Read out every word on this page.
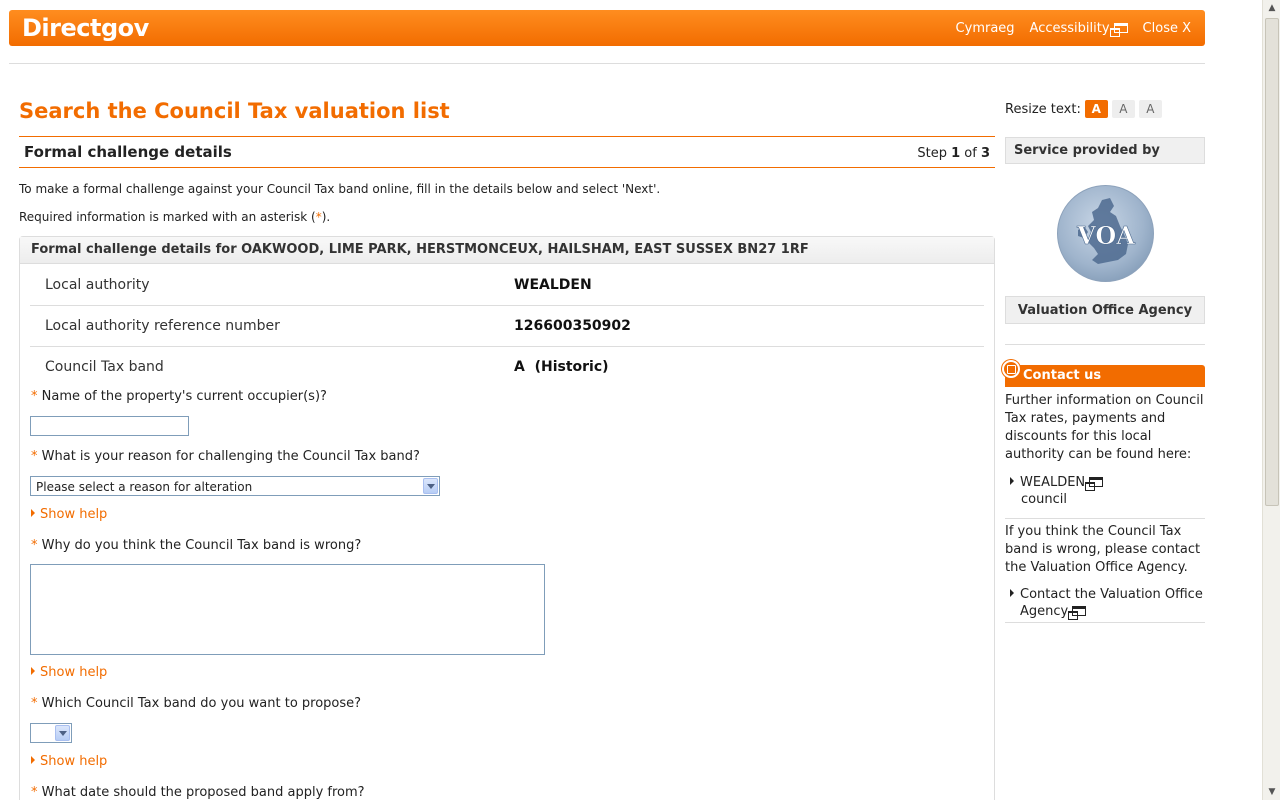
Directgov	Cymraeg Accessibility	Close X
Search the Council Tax valuation list
Formal challenge details	Step 1 of 3
To make a formal challenge against your Council Tax band online, fill in the details below and select 'Next'.
Required information is marked with an asterisk (*).
Formal challenge details for OAKWOOD, LIME PARK, HERSTMONCEUX, HAILSHAM, EAST SUSSEX BN27 1RF
Local authority	WEALDEN
Local authority reference number	126600350902
Council Tax band	A  (Historic)
* Name of the property's current occupier(s)?
* What is your reason for challenging the Council Tax band?
Please select a reason for alteration
Show help
* Why do you think the Council Tax band is wrong?
Show help
* Which Council Tax band do you want to propose?
Show help
* What date should the proposed band apply from?
Resize text: A	A	A
Service provided by
VOA
Valuation Office Agency
Contact us
Further information on Council Tax rates, payments and discounts for this local authority can be found here:
WEALDEN
council
If you think the Council Tax band is wrong, please contact the Valuation Office Agency.
Contact the Valuation Office
Agency
▲
▼
